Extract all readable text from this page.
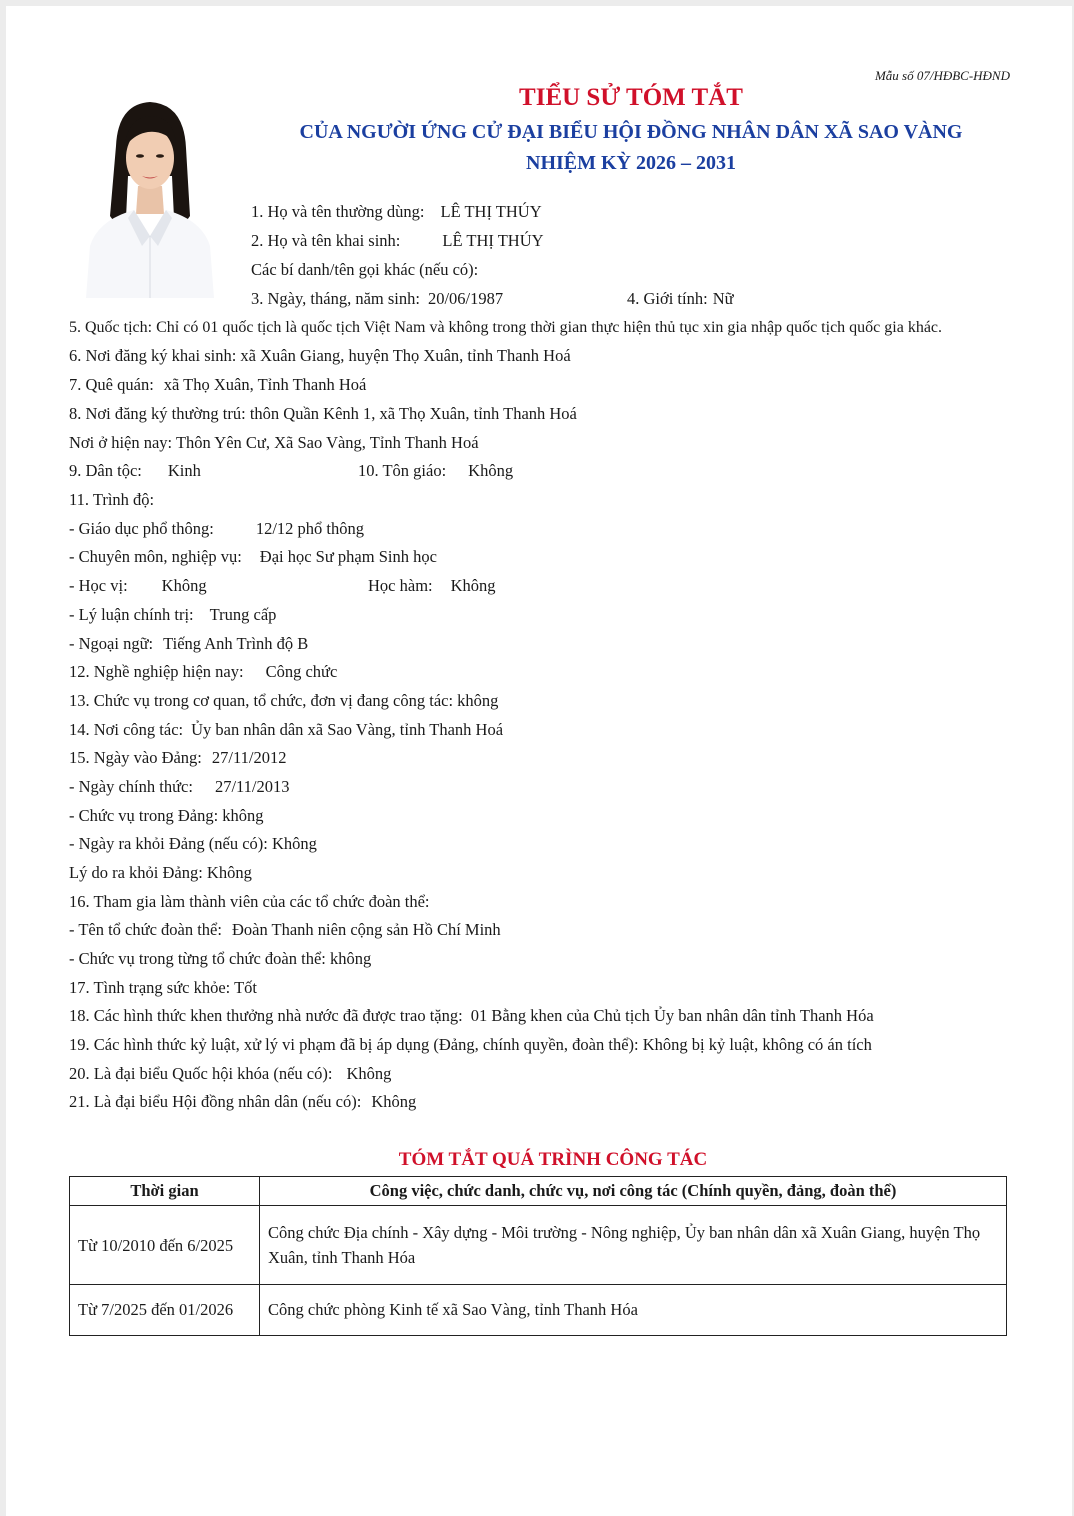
Mẫu số 07/HĐBC-HĐND
TIỂU SỬ TÓM TẮT
CỦA NGƯỜI ỨNG CỬ ĐẠI BIỂU HỘI ĐỒNG NHÂN DÂN XÃ SAO VÀNG
NHIỆM KỲ 2026 – 2031
1. Họ và tên thường dùng: LÊ THỊ THÚY
2. Họ và tên khai sinh:	LÊ THỊ THÚY
Các bí danh/tên gọi khác (nếu có):
3. Ngày, tháng, năm sinh: 20/06/1987	4. Giới tính: Nữ
5. Quốc tịch: Chỉ có 01 quốc tịch là quốc tịch Việt Nam và không trong thời gian thực hiện thủ tục xin gia nhập quốc tịch quốc gia khác.
6. Nơi đăng ký khai sinh: xã Xuân Giang, huyện Thọ Xuân, tỉnh Thanh Hoá
7. Quê quán: xã Thọ Xuân, Tỉnh Thanh Hoá
8. Nơi đăng ký thường trú: thôn Quần Kênh 1, xã Thọ Xuân, tỉnh Thanh Hoá
Nơi ở hiện nay: Thôn Yên Cư, Xã Sao Vàng, Tỉnh Thanh Hoá
9. Dân tộc: Kinh	10. Tôn giáo: Không
11. Trình độ:
- Giáo dục phổ thông:	12/12 phổ thông
- Chuyên môn, nghiệp vụ: Đại học Sư phạm Sinh học
- Học vị: Không	Học hàm: Không
- Lý luận chính trị: Trung cấp
- Ngoại ngữ: Tiếng Anh Trình độ B
12. Nghề nghiệp hiện nay: Công chức
13. Chức vụ trong cơ quan, tổ chức, đơn vị đang công tác: không
14. Nơi công tác: Ủy ban nhân dân xã Sao Vàng, tỉnh Thanh Hoá
15. Ngày vào Đảng: 27/11/2012
- Ngày chính thức: 27/11/2013
- Chức vụ trong Đảng: không
- Ngày ra khỏi Đảng (nếu có): Không
Lý do ra khỏi Đảng: Không
16. Tham gia làm thành viên của các tổ chức đoàn thể:
- Tên tổ chức đoàn thể: Đoàn Thanh niên cộng sản Hồ Chí Minh
- Chức vụ trong từng tổ chức đoàn thể: không
17. Tình trạng sức khỏe: Tốt
18. Các hình thức khen thưởng nhà nước đã được trao tặng: 01 Bằng khen của Chủ tịch Ủy ban nhân dân tỉnh Thanh Hóa
19. Các hình thức kỷ luật, xử lý vi phạm đã bị áp dụng (Đảng, chính quyền, đoàn thể): Không bị kỷ luật, không có án tích
20. Là đại biểu Quốc hội khóa (nếu có): Không
21. Là đại biểu Hội đồng nhân dân (nếu có): Không
TÓM TẮT QUÁ TRÌNH CÔNG TÁC
Thời gian	Công việc, chức danh, chức vụ, nơi công tác (Chính quyền, đảng, đoàn thể)
Từ 10/2010 đến 6/2025	Công chức Địa chính - Xây dựng - Môi trường - Nông nghiệp, Ủy ban nhân dân xã Xuân Giang, huyện Thọ Xuân, tỉnh Thanh Hóa
Từ 7/2025 đến 01/2026	Công chức phòng Kinh tế xã Sao Vàng, tỉnh Thanh Hóa
